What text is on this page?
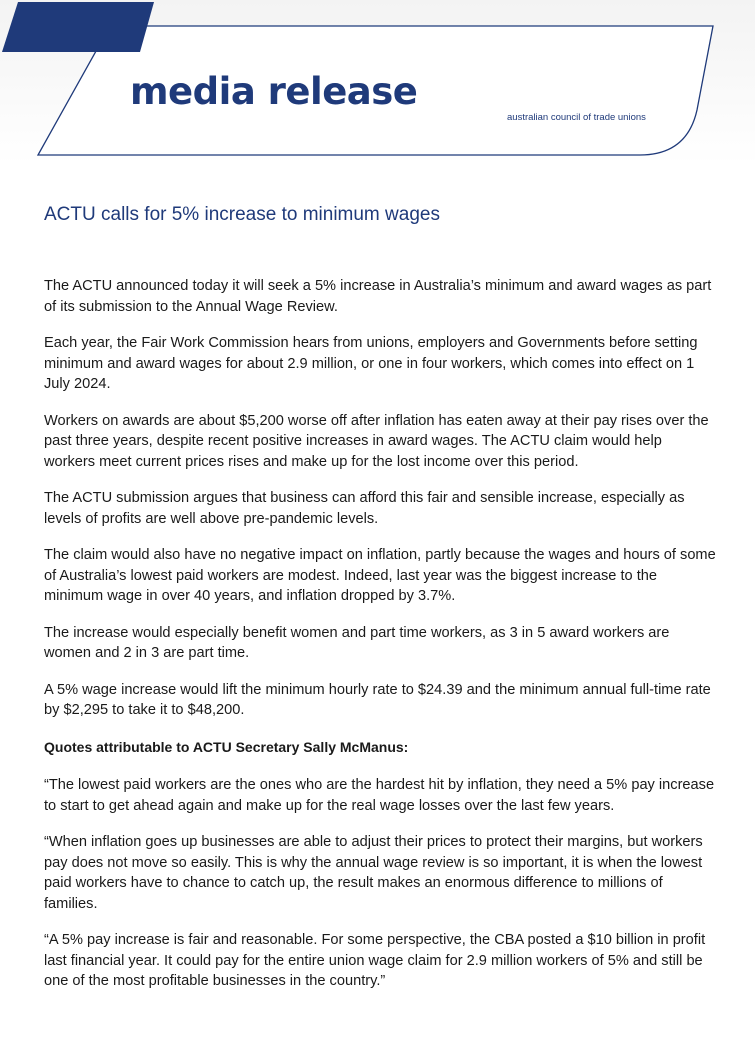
media release ACTU
australian council of trade unions
ACTU calls for 5% increase to minimum wages

The ACTU announced today it will seek a 5% increase in Australia’s minimum and award wages as part of its submission to the Annual Wage Review.

Each year, the Fair Work Commission hears from unions, employers and Governments before setting minimum and award wages for about 2.9 million, or one in four workers, which comes into effect on 1 July 2024.

Workers on awards are about $5,200 worse off after inflation has eaten away at their pay rises over the past three years, despite recent positive increases in award wages. The ACTU claim would help workers meet current prices rises and make up for the lost income over this period.

The ACTU submission argues that business can afford this fair and sensible increase, especially as levels of profits are well above pre-pandemic levels.

The claim would also have no negative impact on inflation, partly because the wages and hours of some of Australia’s lowest paid workers are modest. Indeed, last year was the biggest increase to the minimum wage in over 40 years, and inflation dropped by 3.7%.

The increase would especially benefit women and part time workers, as 3 in 5 award workers are women and 2 in 3 are part time.

A 5% wage increase would lift the minimum hourly rate to $24.39 and the minimum annual full-time rate by $2,295 to take it to $48,200.

Quotes attributable to ACTU Secretary Sally McManus:

“The lowest paid workers are the ones who are the hardest hit by inflation, they need a 5% pay increase to start to get ahead again and make up for the real wage losses over the last few years.

“When inflation goes up businesses are able to adjust their prices to protect their margins, but workers pay does not move so easily. This is why the annual wage review is so important, it is when the lowest paid workers have to chance to catch up, the result makes an enormous difference to millions of families.

“A 5% pay increase is fair and reasonable. For some perspective, the CBA posted a $10 billion in profit last financial year. It could pay for the entire union wage claim for 2.9 million workers of 5% and still be one of the most profitable businesses in the country.”
